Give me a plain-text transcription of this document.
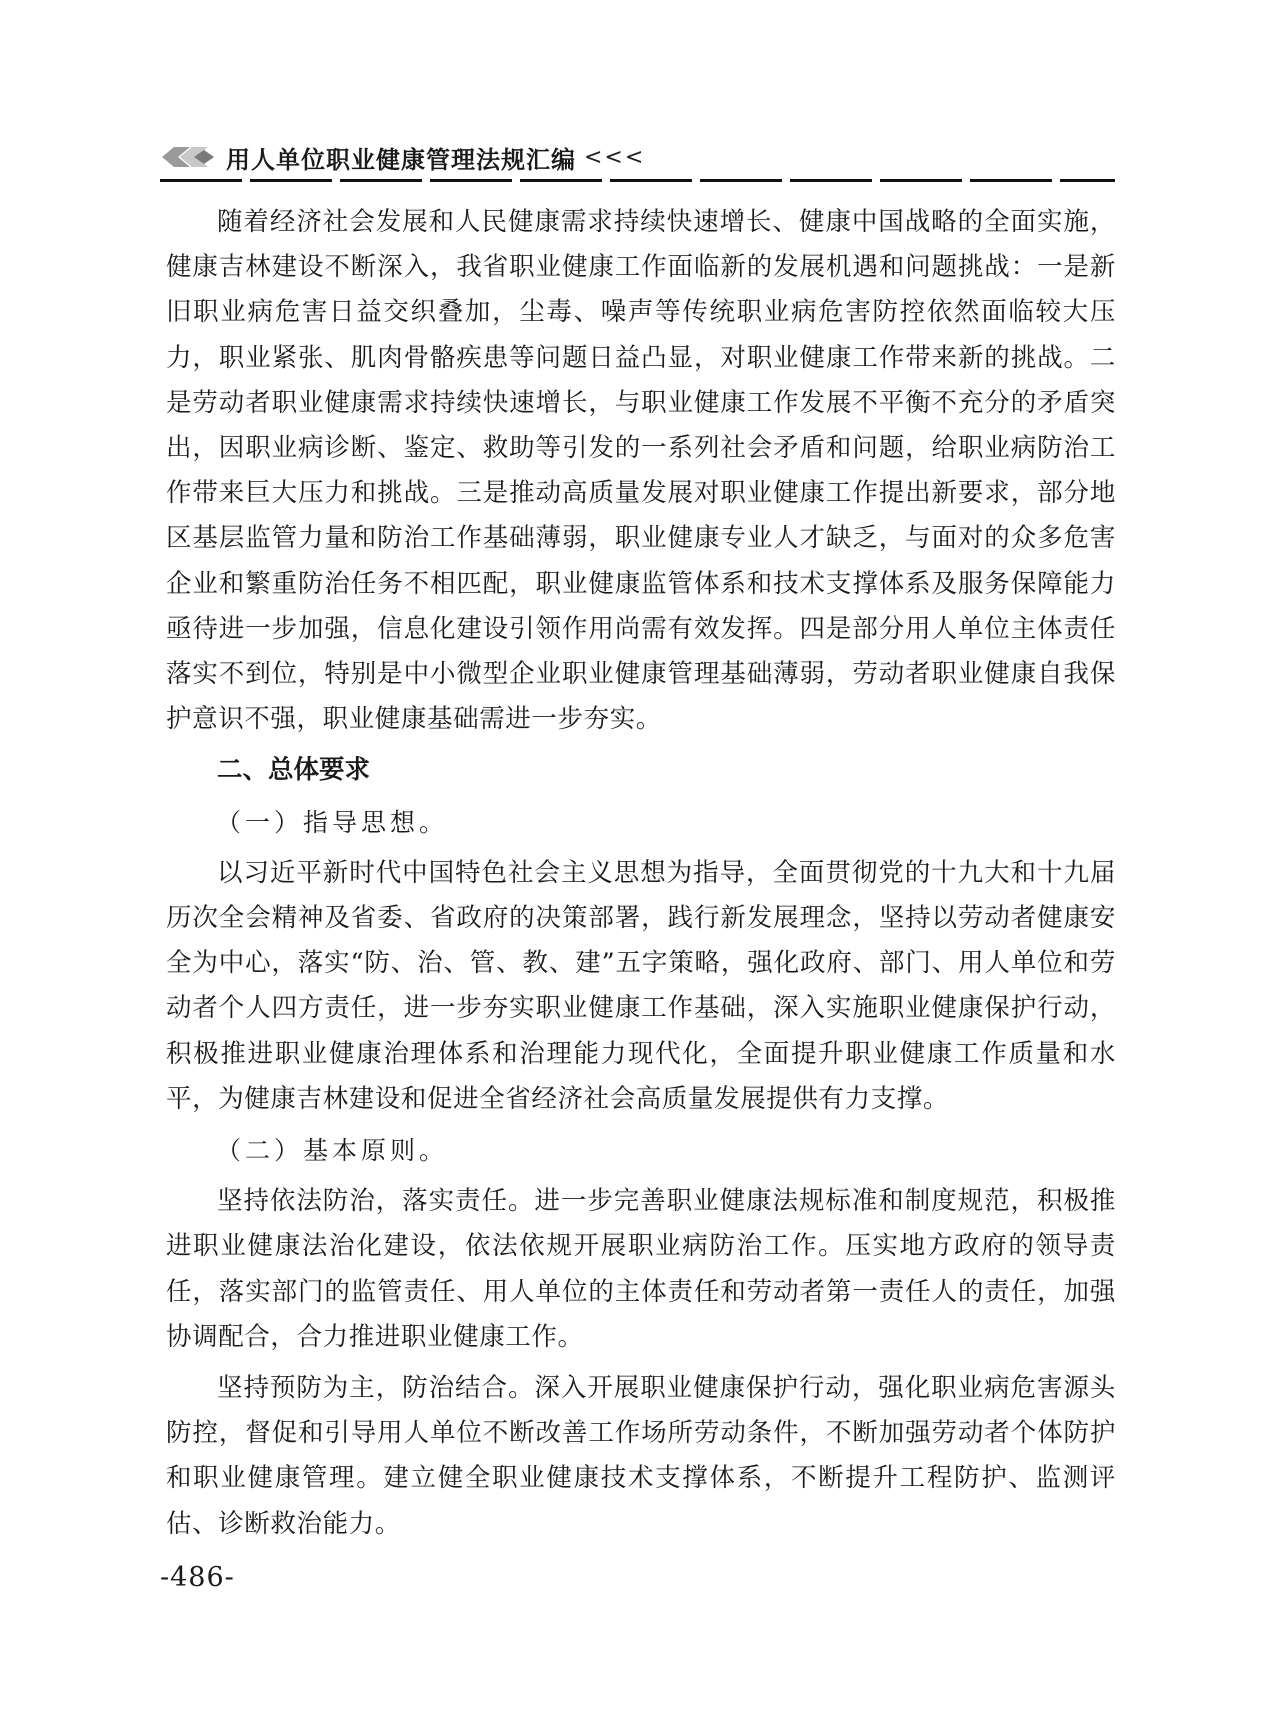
用人单位职业健康管理法规汇编 <<<

随着经济社会发展和人民健康需求持续快速增长、健康中国战略的全面实施，健康吉林建设不断深入，我省职业健康工作面临新的发展机遇和问题挑战：一是新旧职业病危害日益交织叠加，尘毒、噪声等传统职业病危害防控依然面临较大压力，职业紧张、肌肉骨骼疾患等问题日益凸显，对职业健康工作带来新的挑战。二是劳动者职业健康需求持续快速增长，与职业健康工作发展不平衡不充分的矛盾突出，因职业病诊断、鉴定、救助等引发的一系列社会矛盾和问题，给职业病防治工作带来巨大压力和挑战。三是推动高质量发展对职业健康工作提出新要求，部分地区基层监管力量和防治工作基础薄弱，职业健康专业人才缺乏，与面对的众多危害企业和繁重防治任务不相匹配，职业健康监管体系和技术支撑体系及服务保障能力亟待进一步加强，信息化建设引领作用尚需有效发挥。四是部分用人单位主体责任落实不到位，特别是中小微型企业职业健康管理基础薄弱，劳动者职业健康自我保护意识不强，职业健康基础需进一步夯实。

二、总体要求

（一）指导思想。

以习近平新时代中国特色社会主义思想为指导，全面贯彻党的十九大和十九届历次全会精神及省委、省政府的决策部署，践行新发展理念，坚持以劳动者健康安全为中心，落实“防、治、管、教、建”五字策略，强化政府、部门、用人单位和劳动者个人四方责任，进一步夯实职业健康工作基础，深入实施职业健康保护行动，积极推进职业健康治理体系和治理能力现代化，全面提升职业健康工作质量和水平，为健康吉林建设和促进全省经济社会高质量发展提供有力支撑。

（二）基本原则。

坚持依法防治，落实责任。进一步完善职业健康法规标准和制度规范，积极推进职业健康法治化建设，依法依规开展职业病防治工作。压实地方政府的领导责任，落实部门的监管责任、用人单位的主体责任和劳动者第一责任人的责任，加强协调配合，合力推进职业健康工作。

坚持预防为主，防治结合。深入开展职业健康保护行动，强化职业病危害源头防控，督促和引导用人单位不断改善工作场所劳动条件，不断加强劳动者个体防护和职业健康管理。建立健全职业健康技术支撑体系，不断提升工程防护、监测评估、诊断救治能力。

-486-
